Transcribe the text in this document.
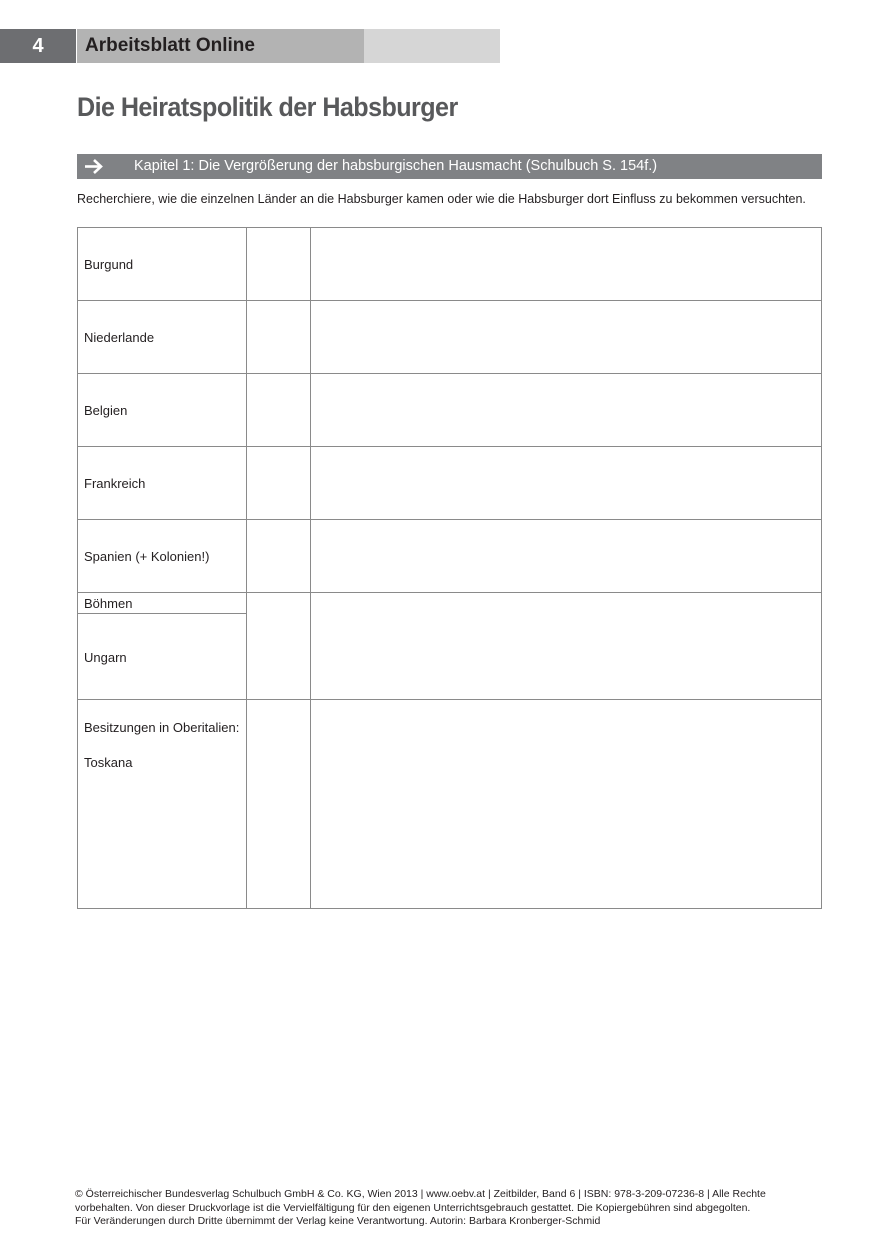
4	Arbeitsblatt Online
Die Heiratspolitik der Habsburger
Kapitel 1: Die Vergrößerung der habsburgischen Hausmacht (Schulbuch S. 154f.)
Recherchiere, wie die einzelnen Länder an die Habsburger kamen oder wie die Habsburger dort Einfluss zu bekommen versuchten.
Burgund
Niederlande
Belgien
Frankreich
Spanien (+ Kolonien!)
Böhmen
Ungarn
Besitzungen in Oberitalien:
Toskana
© Österreichischer Bundesverlag Schulbuch GmbH & Co. KG, Wien 2013 | www.oebv.at | Zeitbilder, Band 6 | ISBN: 978-3-209-07236-8 | Alle Rechte
vorbehalten. Von dieser Druckvorlage ist die Vervielfältigung für den eigenen Unterrichtsgebrauch gestattet. Die Kopiergebühren sind abgegolten.
Für Veränderungen durch Dritte übernimmt der Verlag keine Verantwortung. Autorin: Barbara Kronberger-Schmid
